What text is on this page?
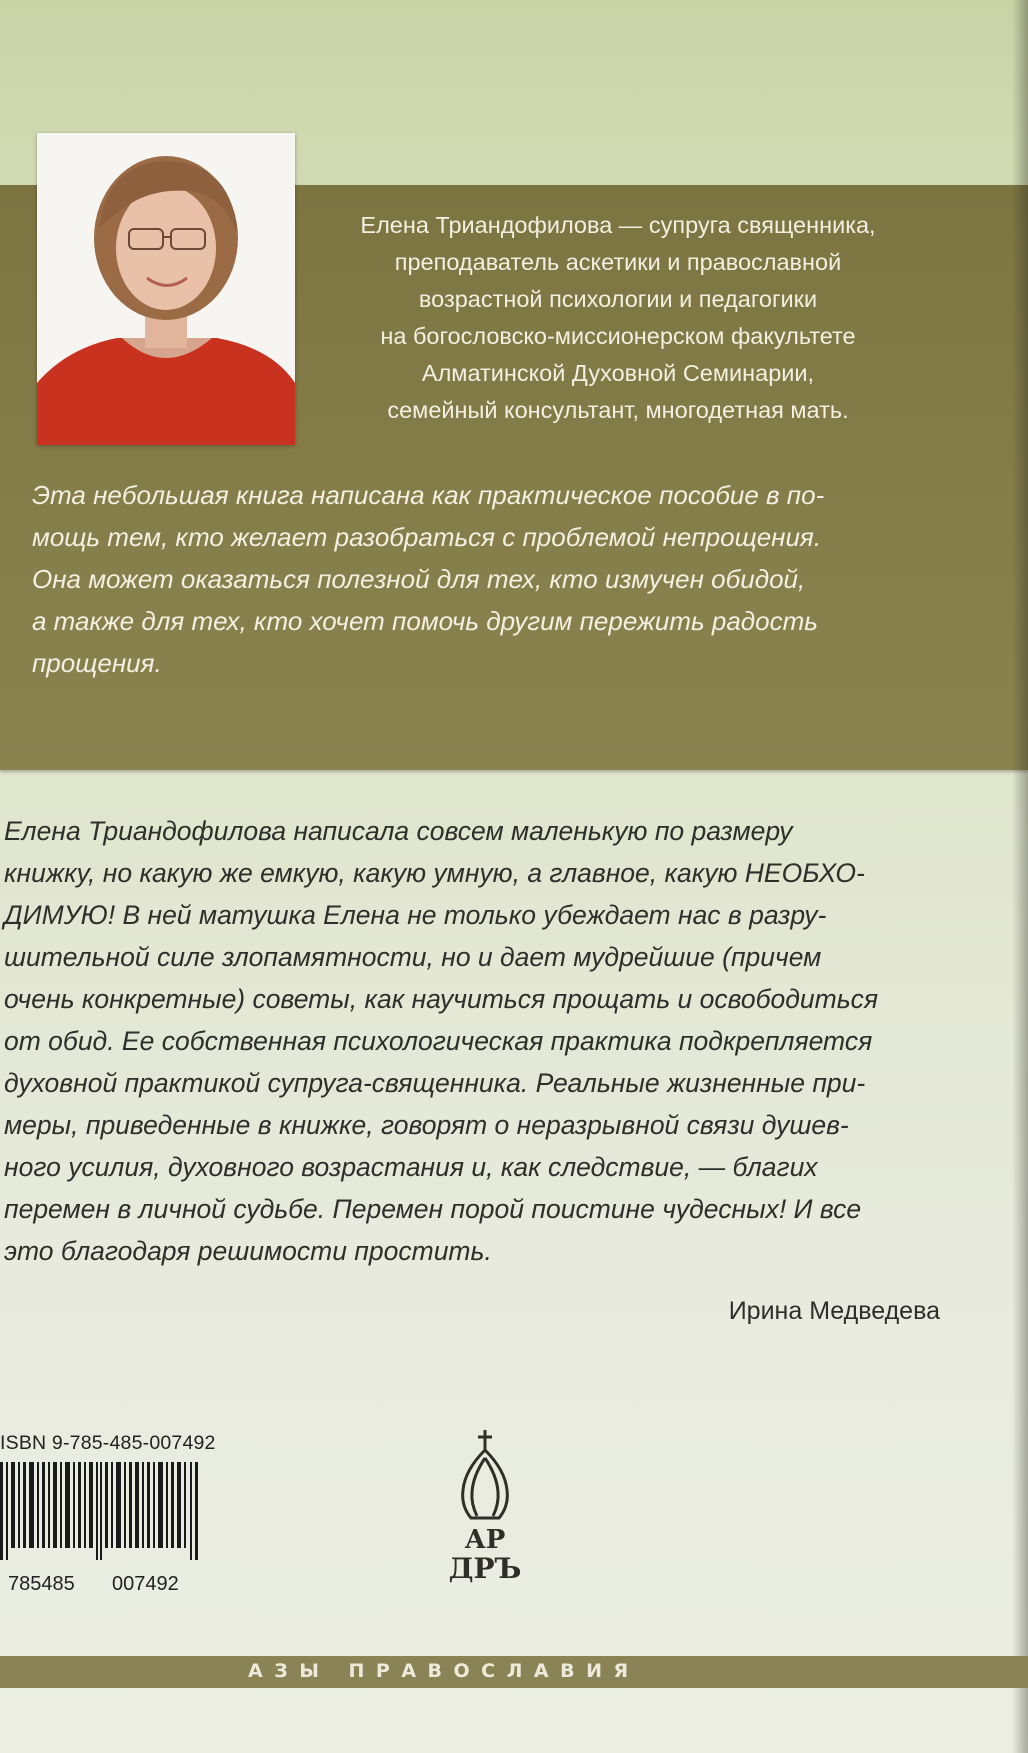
Елена Триандофилова — супруга священника,
преподаватель аскетики и православной
возрастной психологии и педагогики
на богословско-миссионерском факультете
Алматинской Духовной Семинарии,
семейный консультант, многодетная мать.
Эта небольшая книга написана как практическое пособие в по-
мощь тем, кто желает разобраться с проблемой непрощения.
Она может оказаться полезной для тех, кто измучен обидой,
а также для тех, кто хочет помочь другим пережить радость
прощения.
Елена Триандофилова написала совсем маленькую по размеру
книжку, но какую же емкую, какую умную, а главное, какую НЕОБХО-
ДИМУЮ! В ней матушка Елена не только убеждает нас в разру-
шительной силе злопамятности, но и дает мудрейшие (причем
очень конкретные) советы, как научиться прощать и освободиться
от обид. Ее собственная психологическая практика подкрепляется
духовной практикой супруга-священника. Реальные жизненные при-
меры, приведенные в книжке, говорят о неразрывной связи душев-
ного усилия, духовного возрастания и, как следствие, — благих
перемен в личной судьбе. Перемен порой поистине чудесных! И все
это благодаря решимости простить.
Ирина Медведева
ISBN 9-785-485-007492
785485 007492
АР
ДРЪ
АЗЫ ПРАВОСЛАВИЯ
